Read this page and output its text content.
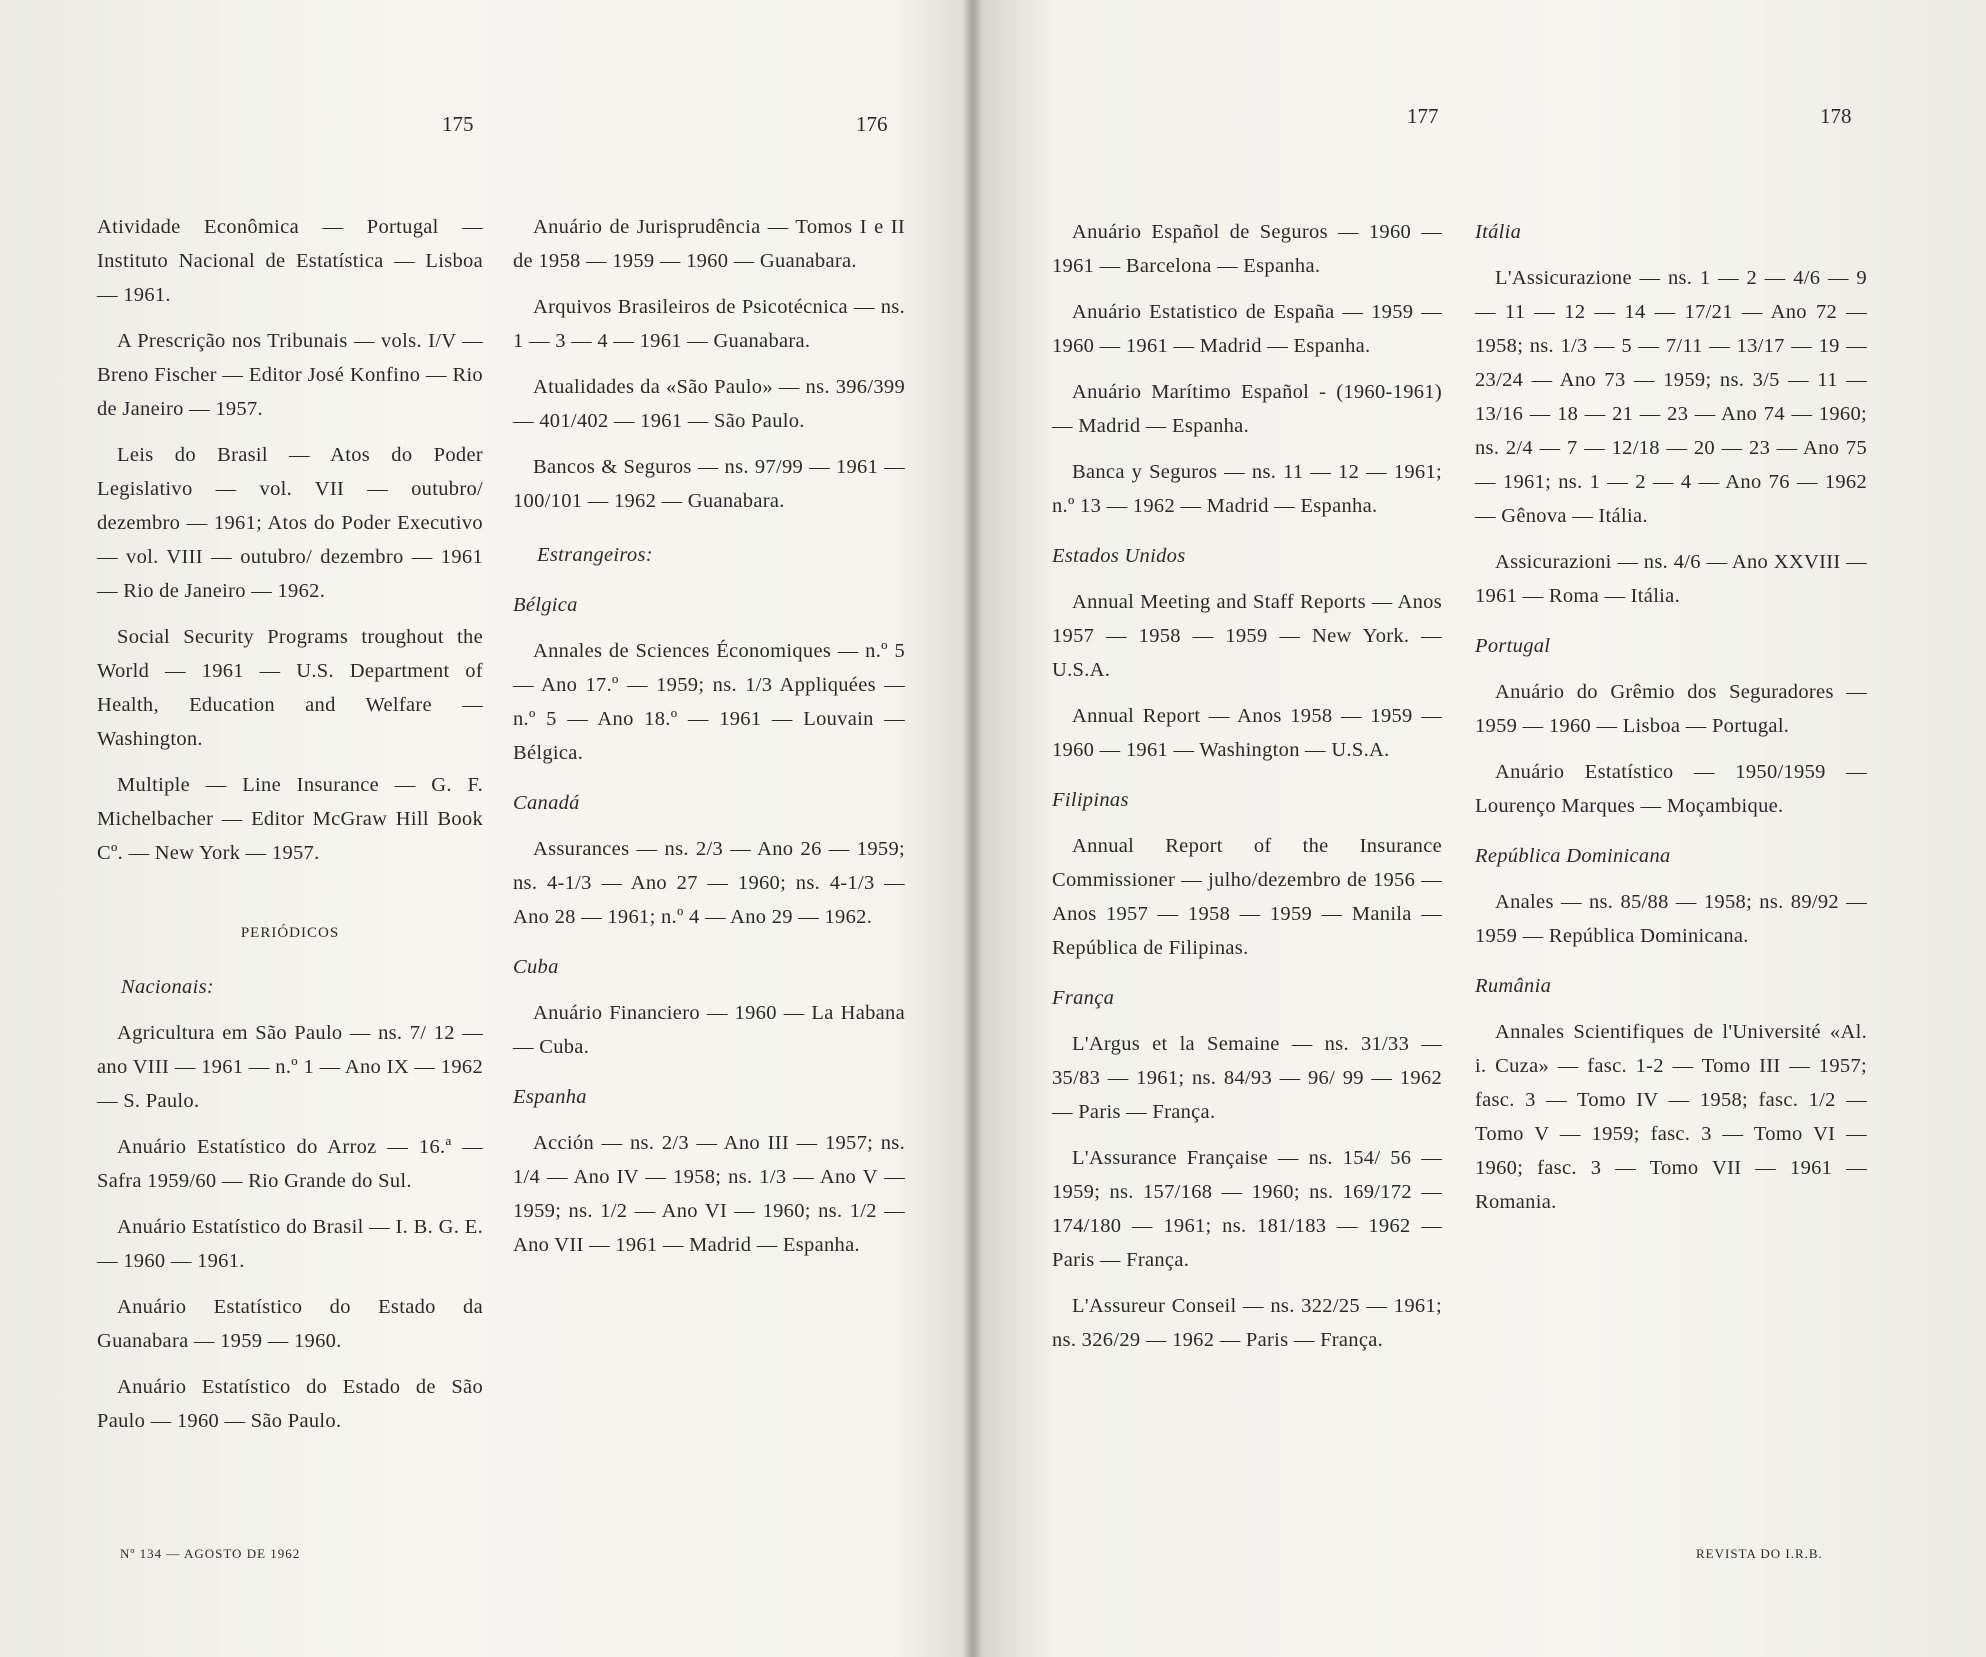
175	176	177	178

Atividade Econômica — Portugal — Instituto Nacional de Estatística — Lisboa — 1961.

A Prescrição nos Tribunais — vols. I/V — Breno Fischer — Editor José Konfino — Rio de Janeiro — 1957.

Leis do Brasil — Atos do Poder Legislativo — vol. VII — outubro/ dezembro — 1961; Atos do Poder Executivo — vol. VIII — outubro/ dezembro — 1961 — Rio de Janeiro — 1962.

Social Security Programs troughout the World — 1961 — U.S. Department of Health, Education and Welfare — Washington.

Multiple — Line Insurance — G. F. Michelbacher — Editor McGraw Hill Book Cº. — New York — 1957.

PERIÓDICOS
Nacionais:

Agricultura em São Paulo — ns. 7/ 12 — ano VIII — 1961 — n.º 1 — Ano IX — 1962 — S. Paulo.

Anuário Estatístico do Arroz — 16.ª — Safra 1959/60 — Rio Grande do Sul.

Anuário Estatístico do Brasil — I. B. G. E. — 1960 — 1961.

Anuário Estatístico do Estado da Guanabara — 1959 — 1960.

Anuário Estatístico do Estado de São Paulo — 1960 — São Paulo.

Anuário de Jurisprudência — Tomos I e II de 1958 — 1959 — 1960 — Guanabara.

Arquivos Brasileiros de Psicotécnica — ns. 1 — 3 — 4 — 1961 — Guanabara.

Atualidades da «São Paulo» — ns. 396/399 — 401/402 — 1961 — São Paulo.

Bancos & Seguros — ns. 97/99 — 1961 — 100/101 — 1962 — Guanabara.

Estrangeiros:
Bélgica

Annales de Sciences Économiques — n.º 5 — Ano 17.º — 1959; ns. 1/3 Appliquées — n.º 5 — Ano 18.º — 1961 — Louvain — Bélgica.

Canadá

Assurances — ns. 2/3 — Ano 26 — 1959; ns. 4-1/3 — Ano 27 — 1960; ns. 4-1/3 — Ano 28 — 1961; n.º 4 — Ano 29 — 1962.

Cuba

Anuário Financiero — 1960 — La Habana — Cuba.

Espanha

Acción — ns. 2/3 — Ano III — 1957; ns. 1/4 — Ano IV — 1958; ns. 1/3 — Ano V — 1959; ns. 1/2 — Ano VI — 1960; ns. 1/2 — Ano VII — 1961 — Madrid — Espanha.

Anuário Español de Seguros — 1960 — 1961 — Barcelona — Espanha.

Anuário Estatistico de España — 1959 — 1960 — 1961 — Madrid — Espanha.

Anuário Marítimo Español - (1960-1961) — Madrid — Espanha.

Banca y Seguros — ns. 11 — 12 — 1961; n.º 13 — 1962 — Madrid — Espanha.

Estados Unidos

Annual Meeting and Staff Reports — Anos 1957 — 1958 — 1959 — New York. — U.S.A.

Annual Report — Anos 1958 — 1959 — 1960 — 1961 — Washington — U.S.A.

Filipinas

Annual Report of the Insurance Commissioner — julho/dezembro de 1956 — Anos 1957 — 1958 — 1959 — Manila — República de Filipinas.

França

L'Argus et la Semaine — ns. 31/33 — 35/83 — 1961; ns. 84/93 — 96/ 99 — 1962 — Paris — França.

L'Assurance Française — ns. 154/ 56 — 1959; ns. 157/168 — 1960; ns. 169/172 — 174/180 — 1961; ns. 181/183 — 1962 — Paris — França.

L'Assureur Conseil — ns. 322/25 — 1961; ns. 326/29 — 1962 — Paris — França.

Itália

L'Assicurazione — ns. 1 — 2 — 4/6 — 9 — 11 — 12 — 14 — 17/21 — Ano 72 — 1958; ns. 1/3 — 5 — 7/11 — 13/17 — 19 — 23/24 — Ano 73 — 1959; ns. 3/5 — 11 — 13/16 — 18 — 21 — 23 — Ano 74 — 1960; ns. 2/4 — 7 — 12/18 — 20 — 23 — Ano 75 — 1961; ns. 1 — 2 — 4 — Ano 76 — 1962 — Gênova — Itália.

Assicurazioni — ns. 4/6 — Ano XXVIII — 1961 — Roma — Itália.

Portugal

Anuário do Grêmio dos Seguradores — 1959 — 1960 — Lisboa — Portugal.

Anuário Estatístico — 1950/1959 — Lourenço Marques — Moçambique.

República Dominicana

Anales — ns. 85/88 — 1958; ns. 89/92 — 1959 — República Dominicana.

Rumânia

Annales Scientifiques de l'Université «Al. i. Cuza» — fasc. 1-2 — Tomo III — 1957; fasc. 3 — Tomo IV — 1958; fasc. 1/2 — Tomo V — 1959; fasc. 3 — Tomo VI — 1960; fasc. 3 — Tomo VII — 1961 — Romania.

Nº 134 — AGOSTO DE 1962	REVISTA DO I.R.B.
